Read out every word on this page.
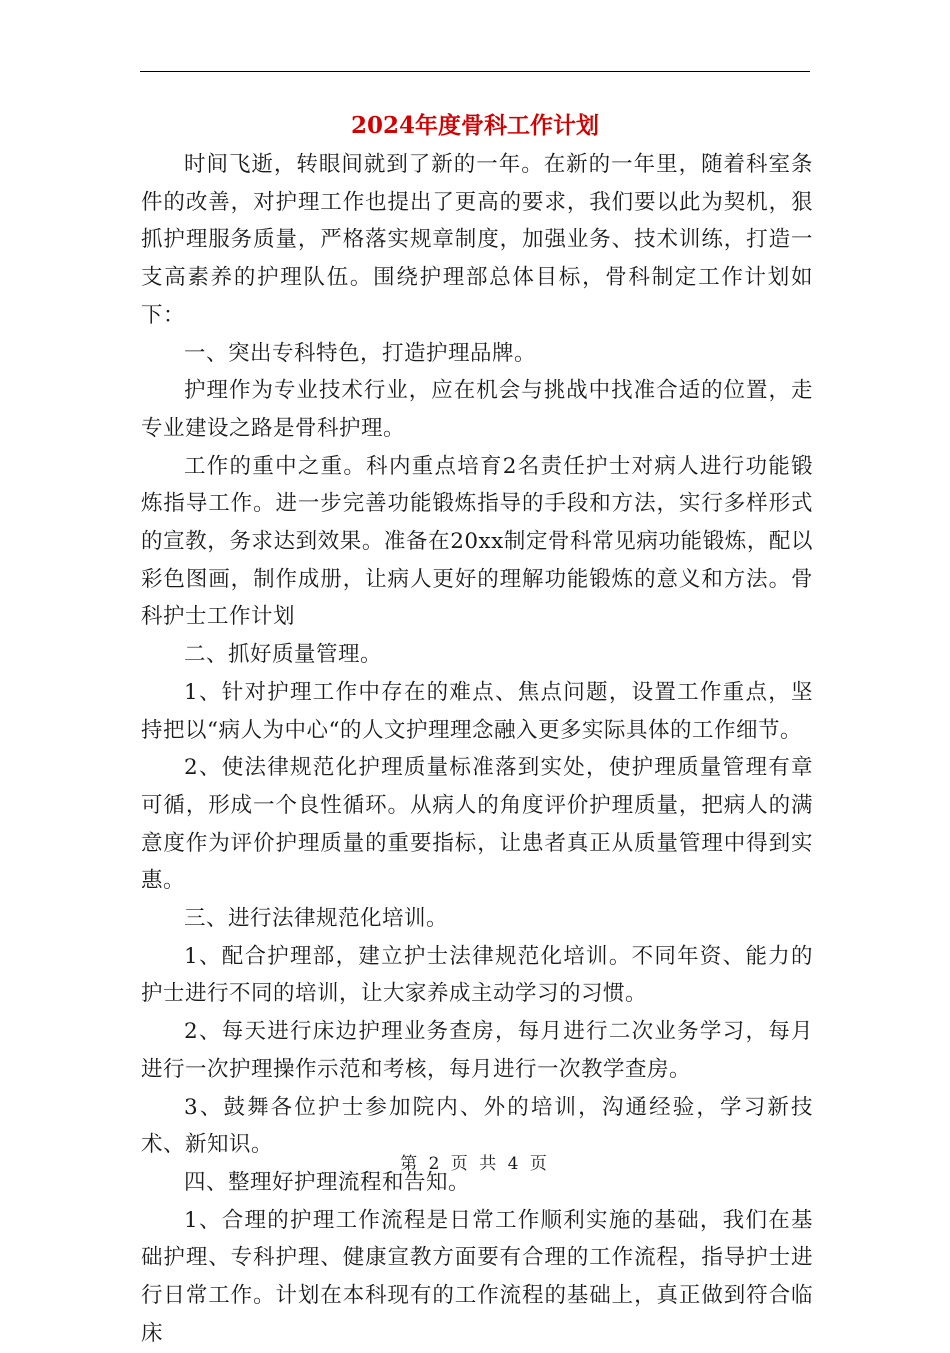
2024年度骨科工作计划

时间飞逝，转眼间就到了新的一年。在新的一年里，随着科室条件的改善，对护理工作也提出了更高的要求，我们要以此为契机，狠抓护理服务质量，严格落实规章制度，加强业务、技术训练，打造一支高素养的护理队伍。围绕护理部总体目标，骨科制定工作计划如下：

一、突出专科特色，打造护理品牌。

护理作为专业技术行业，应在机会与挑战中找准合适的位置，走专业建设之路是骨科护理。

工作的重中之重。科内重点培育2名责任护士对病人进行功能锻炼指导工作。进一步完善功能锻炼指导的手段和方法，实行多样形式的宣教，务求达到效果。准备在20xx制定骨科常见病功能锻炼，配以彩色图画，制作成册，让病人更好的理解功能锻炼的意义和方法。骨科护士工作计划

二、抓好质量管理。

1、针对护理工作中存在的难点、焦点问题，设置工作重点，坚持把以“病人为中心“的人文护理理念融入更多实际具体的工作细节。

2、使法律规范化护理质量标准落到实处，使护理质量管理有章可循，形成一个良性循环。从病人的角度评价护理质量，把病人的满意度作为评价护理质量的重要指标，让患者真正从质量管理中得到实惠。

三、进行法律规范化培训。

1、配合护理部，建立护士法律规范化培训。不同年资、能力的护士进行不同的培训，让大家养成主动学习的习惯。

2、每天进行床边护理业务查房，每月进行二次业务学习，每月进行一次护理操作示范和考核，每月进行一次教学查房。

3、鼓舞各位护士参加院内、外的培训，沟通经验，学习新技术、新知识。

四、整理好护理流程和告知。

1、合理的护理工作流程是日常工作顺利实施的基础，我们在基础护理、专科护理、健康宣教方面要有合理的工作流程，指导护士进行日常工作。计划在本科现有的工作流程的基础上，真正做到符合临床

第 2 页 共 4 页
